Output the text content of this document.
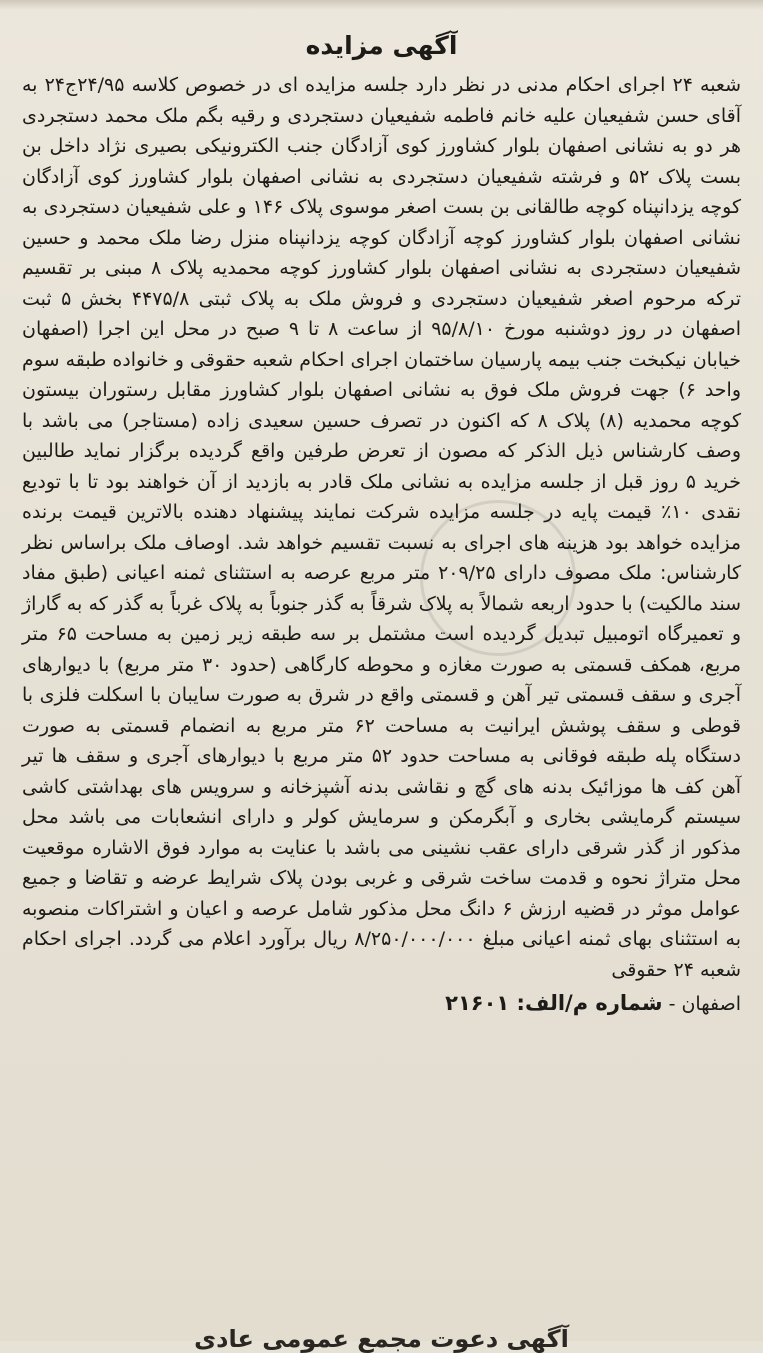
آگهی مزایده

شعبه ۲۴ اجرای احکام مدنی در نظر دارد جلسه مزایده ای در خصوص کلاسه ۲۴/۹۵ج۲۴ به آقای حسن شفیعیان علیه خانم فاطمه شفیعیان دستجردی و رقیه بگم ملک محمد دستجردی هر دو به نشانی اصفهان بلوار کشاورز کوی آزادگان جنب الکترونیکی بصیری نژاد داخل بن بست پلاک ۵۲ و فرشته شفیعیان دستجردی به نشانی اصفهان بلوار کشاورز کوی آزادگان کوچه یزدانپناه کوچه طالقانی بن بست اصغر موسوی پلاک ۱۴۶ و علی شفیعیان دستجردی به نشانی اصفهان بلوار کشاورز کوچه آزادگان کوچه یزدانپناه منزل رضا ملک محمد و حسین شفیعیان دستجردی به نشانی اصفهان بلوار کشاورز کوچه محمدیه پلاک ۸ مبنی بر تقسیم ترکه مرحوم اصغر شفیعیان دستجردی و فروش ملک به پلاک ثبتی ۴۴۷۵/۸ بخش ۵ ثبت اصفهان در روز دوشنبه مورخ ۹۵/۸/۱۰ از ساعت ۸ تا ۹ صبح در محل این اجرا (اصفهان خیابان نیکبخت جنب بیمه پارسیان ساختمان اجرای احکام شعبه حقوقی و خانواده طبقه سوم واحد ۶) جهت فروش ملک فوق به نشانی اصفهان بلوار کشاورز مقابل رستوران بیستون کوچه محمدیه (۸) پلاک ۸ که اکنون در تصرف حسین سعیدی زاده (مستاجر) می باشد با وصف کارشناس ذیل الذکر که مصون از تعرض طرفین واقع گردیده برگزار نماید طالبین خرید ۵ روز قبل از جلسه مزایده به نشانی ملک قادر به بازدید از آن خواهند بود تا با تودیع نقدی ۱۰٪ قیمت پایه در جلسه مزایده شرکت نمایند پیشنهاد دهنده بالاترین قیمت برنده مزایده خواهد بود هزینه های اجرای به نسبت تقسیم خواهد شد. اوصاف ملک براساس نظر کارشناس: ملک مصوف دارای ۲۰۹/۲۵ متر مربع عرصه به استثنای ثمنه اعیانی (طبق مفاد سند مالکیت) با حدود اربعه شمالاً به پلاک شرقاً به گذر جنوباً به پلاک غرباً به گذر که به گاراژ و تعمیرگاه اتومبیل تبدیل گردیده است مشتمل بر سه طبقه زیر زمین به مساحت ۶۵ متر مربع، همکف قسمتی به صورت مغازه و محوطه کارگاهی (حدود ۳۰ متر مربع) با دیوارهای آجری و سقف قسمتی تیر آهن و قسمتی واقع در شرق به صورت سایبان با اسکلت فلزی با قوطی و سقف پوشش ایرانیت به مساحت ۶۲ متر مربع به انضمام قسمتی به صورت دستگاه پله طبقه فوقانی به مساحت حدود ۵۲ متر مربع با دیوارهای آجری و سقف ها تیر آهن کف ها موزائیک بدنه های گچ و نقاشی بدنه آشپزخانه و سرویس های بهداشتی کاشی سیستم گرمایشی بخاری و آبگرمکن و سرمایش کولر و دارای انشعابات می باشد محل مذکور از گذر شرقی دارای عقب نشینی می باشد با عنایت به موارد فوق الاشاره موقعیت محل متراژ نحوه و قدمت ساخت شرقی و غربی بودن پلاک شرایط عرضه و تقاضا و جمیع عوامل موثر در قضیه ارزش ۶ دانگ محل مذکور شامل عرصه و اعیان و اشتراکات منصوبه به استثنای بهای ثمنه اعیانی مبلغ ۸/۲۵۰/۰۰۰/۰۰۰ ریال برآورد اعلام می گردد. اجرای احکام شعبه ۲۴ حقوقی

اصفهان - شماره م/الف: ۲۱۶۰۱
آگهی دعوت مجمع عمومی عادی
